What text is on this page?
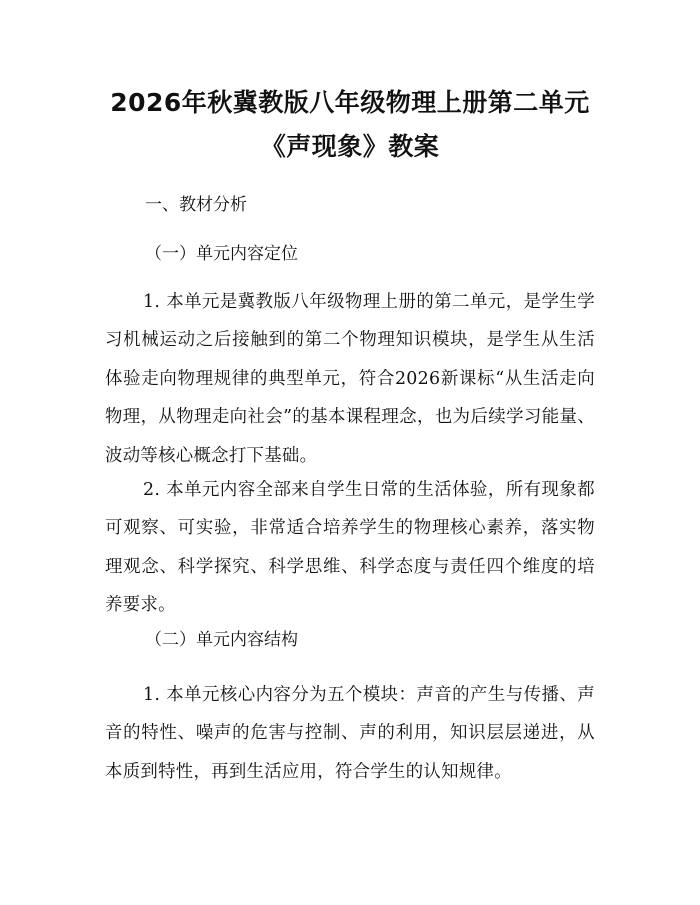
2026年秋冀教版八年级物理上册第二单元
《声现象》教案
一、教材分析
（一）单元内容定位
1. 本单元是冀教版八年级物理上册的第二单元，是学生学习机械运动之后接触到的第二个物理知识模块，是学生从生活体验走向物理规律的典型单元，符合2026新课标“从生活走向物理，从物理走向社会”的基本课程理念，也为后续学习能量、波动等核心概念打下基础。
2. 本单元内容全部来自学生日常的生活体验，所有现象都可观察、可实验，非常适合培养学生的物理核心素养，落实物理观念、科学探究、科学思维、科学态度与责任四个维度的培养要求。
（二）单元内容结构
1. 本单元核心内容分为五个模块：声音的产生与传播、声音的特性、噪声的危害与控制、声的利用，知识层层递进，从本质到特性，再到生活应用，符合学生的认知规律。
